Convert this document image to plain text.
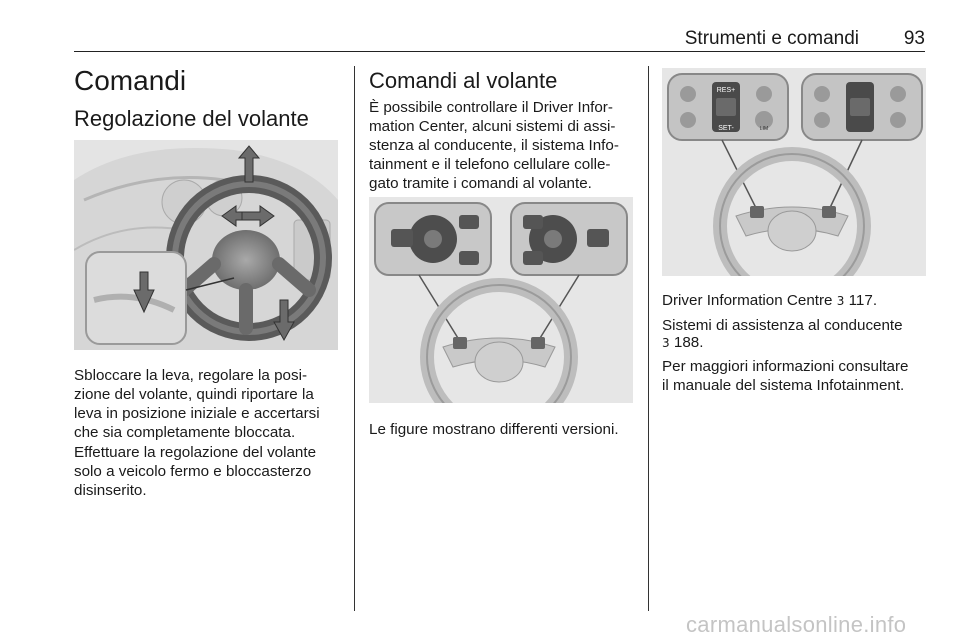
Strumenti e comandi 93
Comandi
Regolazione del volante
Sbloccare la leva, regolare la posi-
zione del volante, quindi riportare la
leva in posizione iniziale e accertarsi
che sia completamente bloccata.
Effettuare la regolazione del volante
solo a veicolo fermo e bloccasterzo
disinserito.
Comandi al volante
È possibile controllare il Driver Infor-
mation Center, alcuni sistemi di assi-
stenza al conducente, il sistema Info-
tainment e il telefono cellulare colle-
gato tramite i comandi al volante.
Le figure mostrano differenti versioni.
RES+
SET-	LIM
Driver Information Centre 3 117.
Sistemi di assistenza al conducente
3 188.
Per maggiori informazioni consultare
il manuale del sistema Infotainment.
carmanualsonline.info
